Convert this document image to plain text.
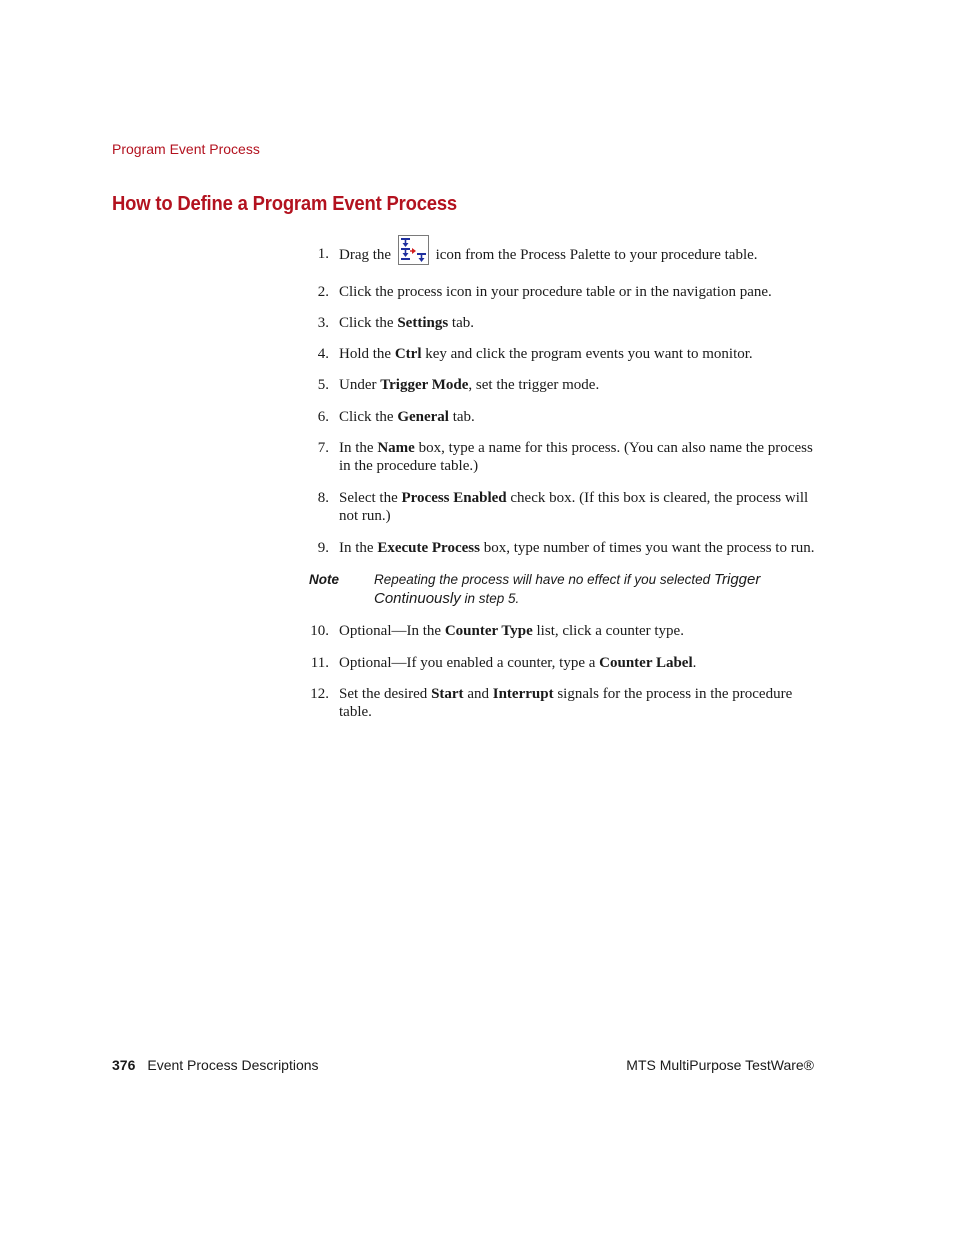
Program Event Process
How to Define a Program Event Process
1. Drag the	icon from the Process Palette to your procedure table.
2. Click the process icon in your procedure table or in the navigation pane.
3. Click the Settings tab.
4. Hold the Ctrl key and click the program events you want to monitor.
5. Under Trigger Mode, set the trigger mode.
6. Click the General tab.
7. In the Name box, type a name for this process. (You can also name the process in the procedure table.)
8. Select the Process Enabled check box. (If this box is cleared, the process will not run.)
9. In the Execute Process box, type number of times you want the process to run.
Note	Repeating the process will have no effect if you selected Trigger Continuously in step 5.
10. Optional—In the Counter Type list, click a counter type.
11. Optional—If you enabled a counter, type a Counter Label.
12. Set the desired Start and Interrupt signals for the process in the procedure table.
376 Event Process Descriptions	MTS MultiPurpose TestWare®
